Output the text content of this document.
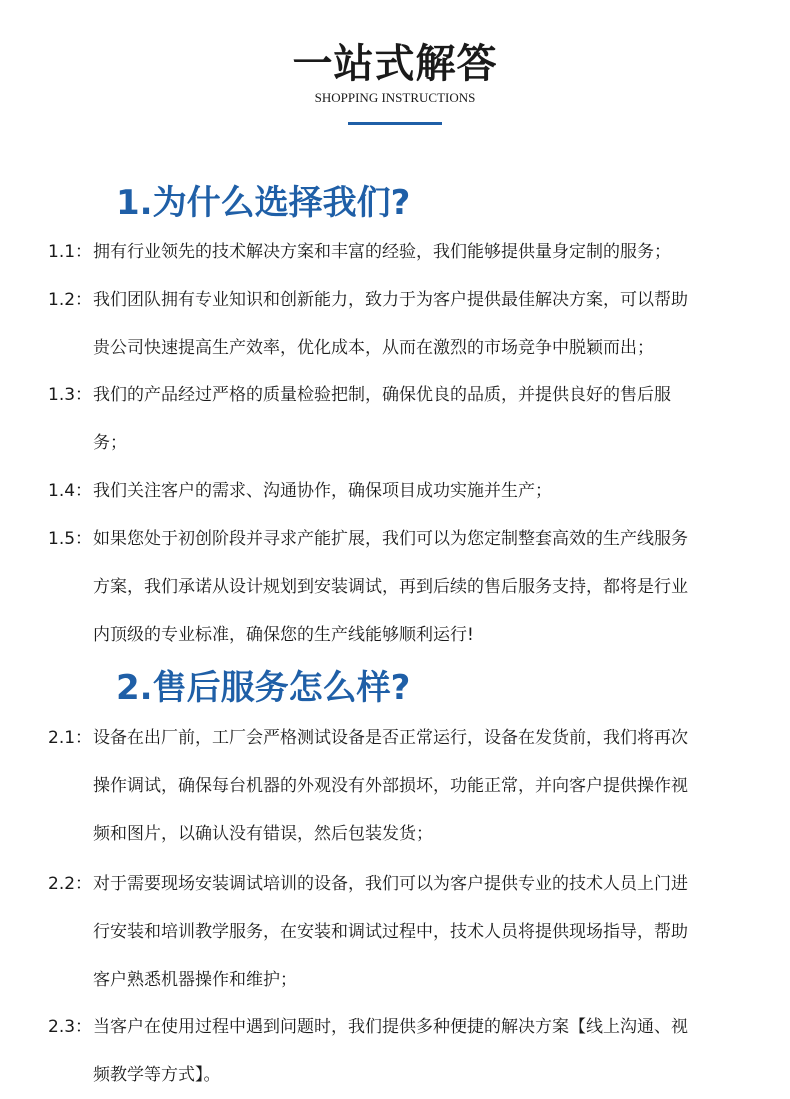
一站式解答
SHOPPING INSTRUCTIONS
1.为什么选择我们?
1.1：拥有行业领先的技术解决方案和丰富的经验，我们能够提供量身定制的服务；
1.2：我们团队拥有专业知识和创新能力，致力于为客户提供最佳解决方案，可以帮助
贵公司快速提高生产效率，优化成本，从而在激烈的市场竞争中脱颖而出；
1.3：我们的产品经过严格的质量检验把制，确保优良的品质，并提供良好的售后服
务；
1.4：我们关注客户的需求、沟通协作，确保项目成功实施并生产；
1.5：如果您处于初创阶段并寻求产能扩展，我们可以为您定制整套高效的生产线服务
方案，我们承诺从设计规划到安装调试，再到后续的售后服务支持，都将是行业
内顶级的专业标准，确保您的生产线能够顺利运行!
2.售后服务怎么样?
2.1：设备在出厂前，工厂会严格测试设备是否正常运行，设备在发货前，我们将再次
操作调试，确保每台机器的外观没有外部损坏，功能正常，并向客户提供操作视
频和图片，以确认没有错误，然后包装发货；
2.2：对于需要现场安装调试培训的设备，我们可以为客户提供专业的技术人员上门进
行安装和培训教学服务，在安装和调试过程中，技术人员将提供现场指导，帮助
客户熟悉机器操作和维护；
2.3：当客户在使用过程中遇到问题时，我们提供多种便捷的解决方案【线上沟通、视
频教学等方式】。
